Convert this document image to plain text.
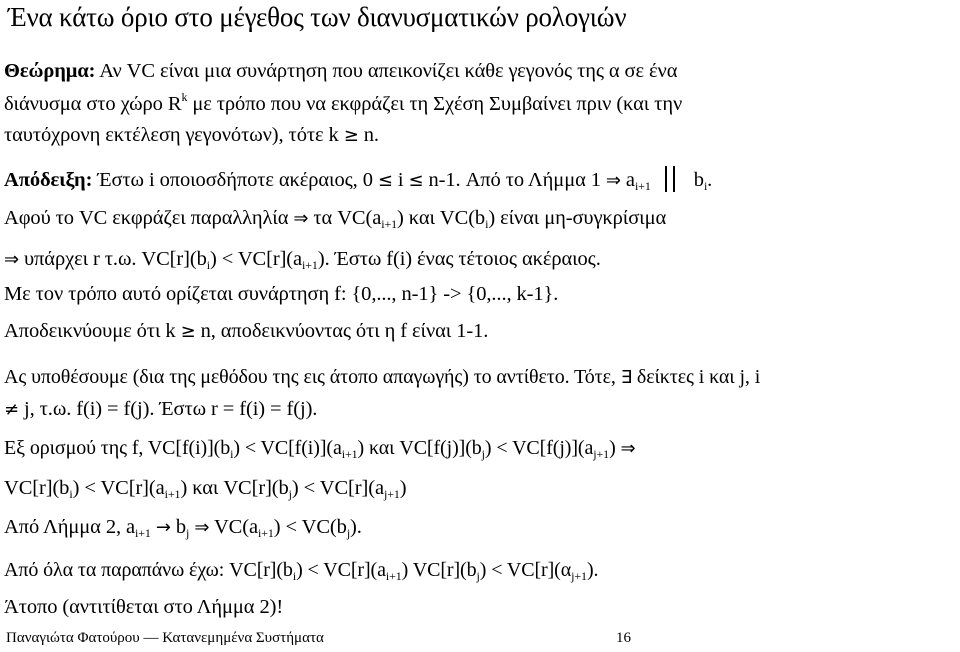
Ένα κάτω όριο στο μέγεθος των διανυσματικών ρολογιών
Θεώρημα: Αν VC είναι μια συνάρτηση που απεικονίζει κάθε γεγονός της α σε ένα
διάνυσμα στο χώρο $R^k$ με τρόπο που να εκφράζει τη Σχέση Συμβαίνει πριν (και την
ταυτόχρονη εκτέλεση γεγονότων), τότε k ≥ n.
Απόδειξη: Έστω i οποιοσδήποτε ακέραιος, 0 ≤ i ≤ n-1. Από το Λήμμα 1 ⇒ $a_{i+1}$ $b_i$.
Αφού το VC εκφράζει παραλληλία ⇒ τα $VC(a_{i+1})$ και $VC(b_i)$ είναι μη-συγκρίσιμα
⇒ υπάρχει r τ.ω. $VC[r](b_i) < VC[r](a_{i+1})$. Έστω f(i) ένας τέτοιος ακέραιος.
Με τον τρόπο αυτό ορίζεται συνάρτηση f: {0,..., n-1} -> {0,..., k-1}.
Αποδεικνύουμε ότι k ≥ n, αποδεικνύοντας ότι η f είναι 1-1.
Ας υποθέσουμε (δια της μεθόδου της εις άτοπο απαγωγής) το αντίθετο. Τότε, ∃ δείκτες i και j, i
≠ j, τ.ω. f(i) = f(j). Έστω r = f(i) = f(j).
Εξ ορισμού της f, $VC[f(i)](b_i) < VC[f(i)](a_{i+1})$ και $VC[f(j)](b_j) < VC[f(j)](a_{j+1})$ ⇒
$VC[r](b_i) < VC[r](a_{i+1})$ και $VC[r](b_j) < VC[r](a_{j+1})$
Από Λήμμα 2, $a_{i+1} \to b_j$ ⇒ $VC(a_{i+1}) < VC(b_j)$.
Από όλα τα παραπάνω έχω: $VC[r](b_i) < VC[r](a_{i+1}) VC[r](b_j) < VC[r](\alpha_{j+1})$.
Άτοπο (αντιτίθεται στο Λήμμα 2)!
Παναγιώτα Φατούρου — Κατανεμημένα Συστήματα	16
